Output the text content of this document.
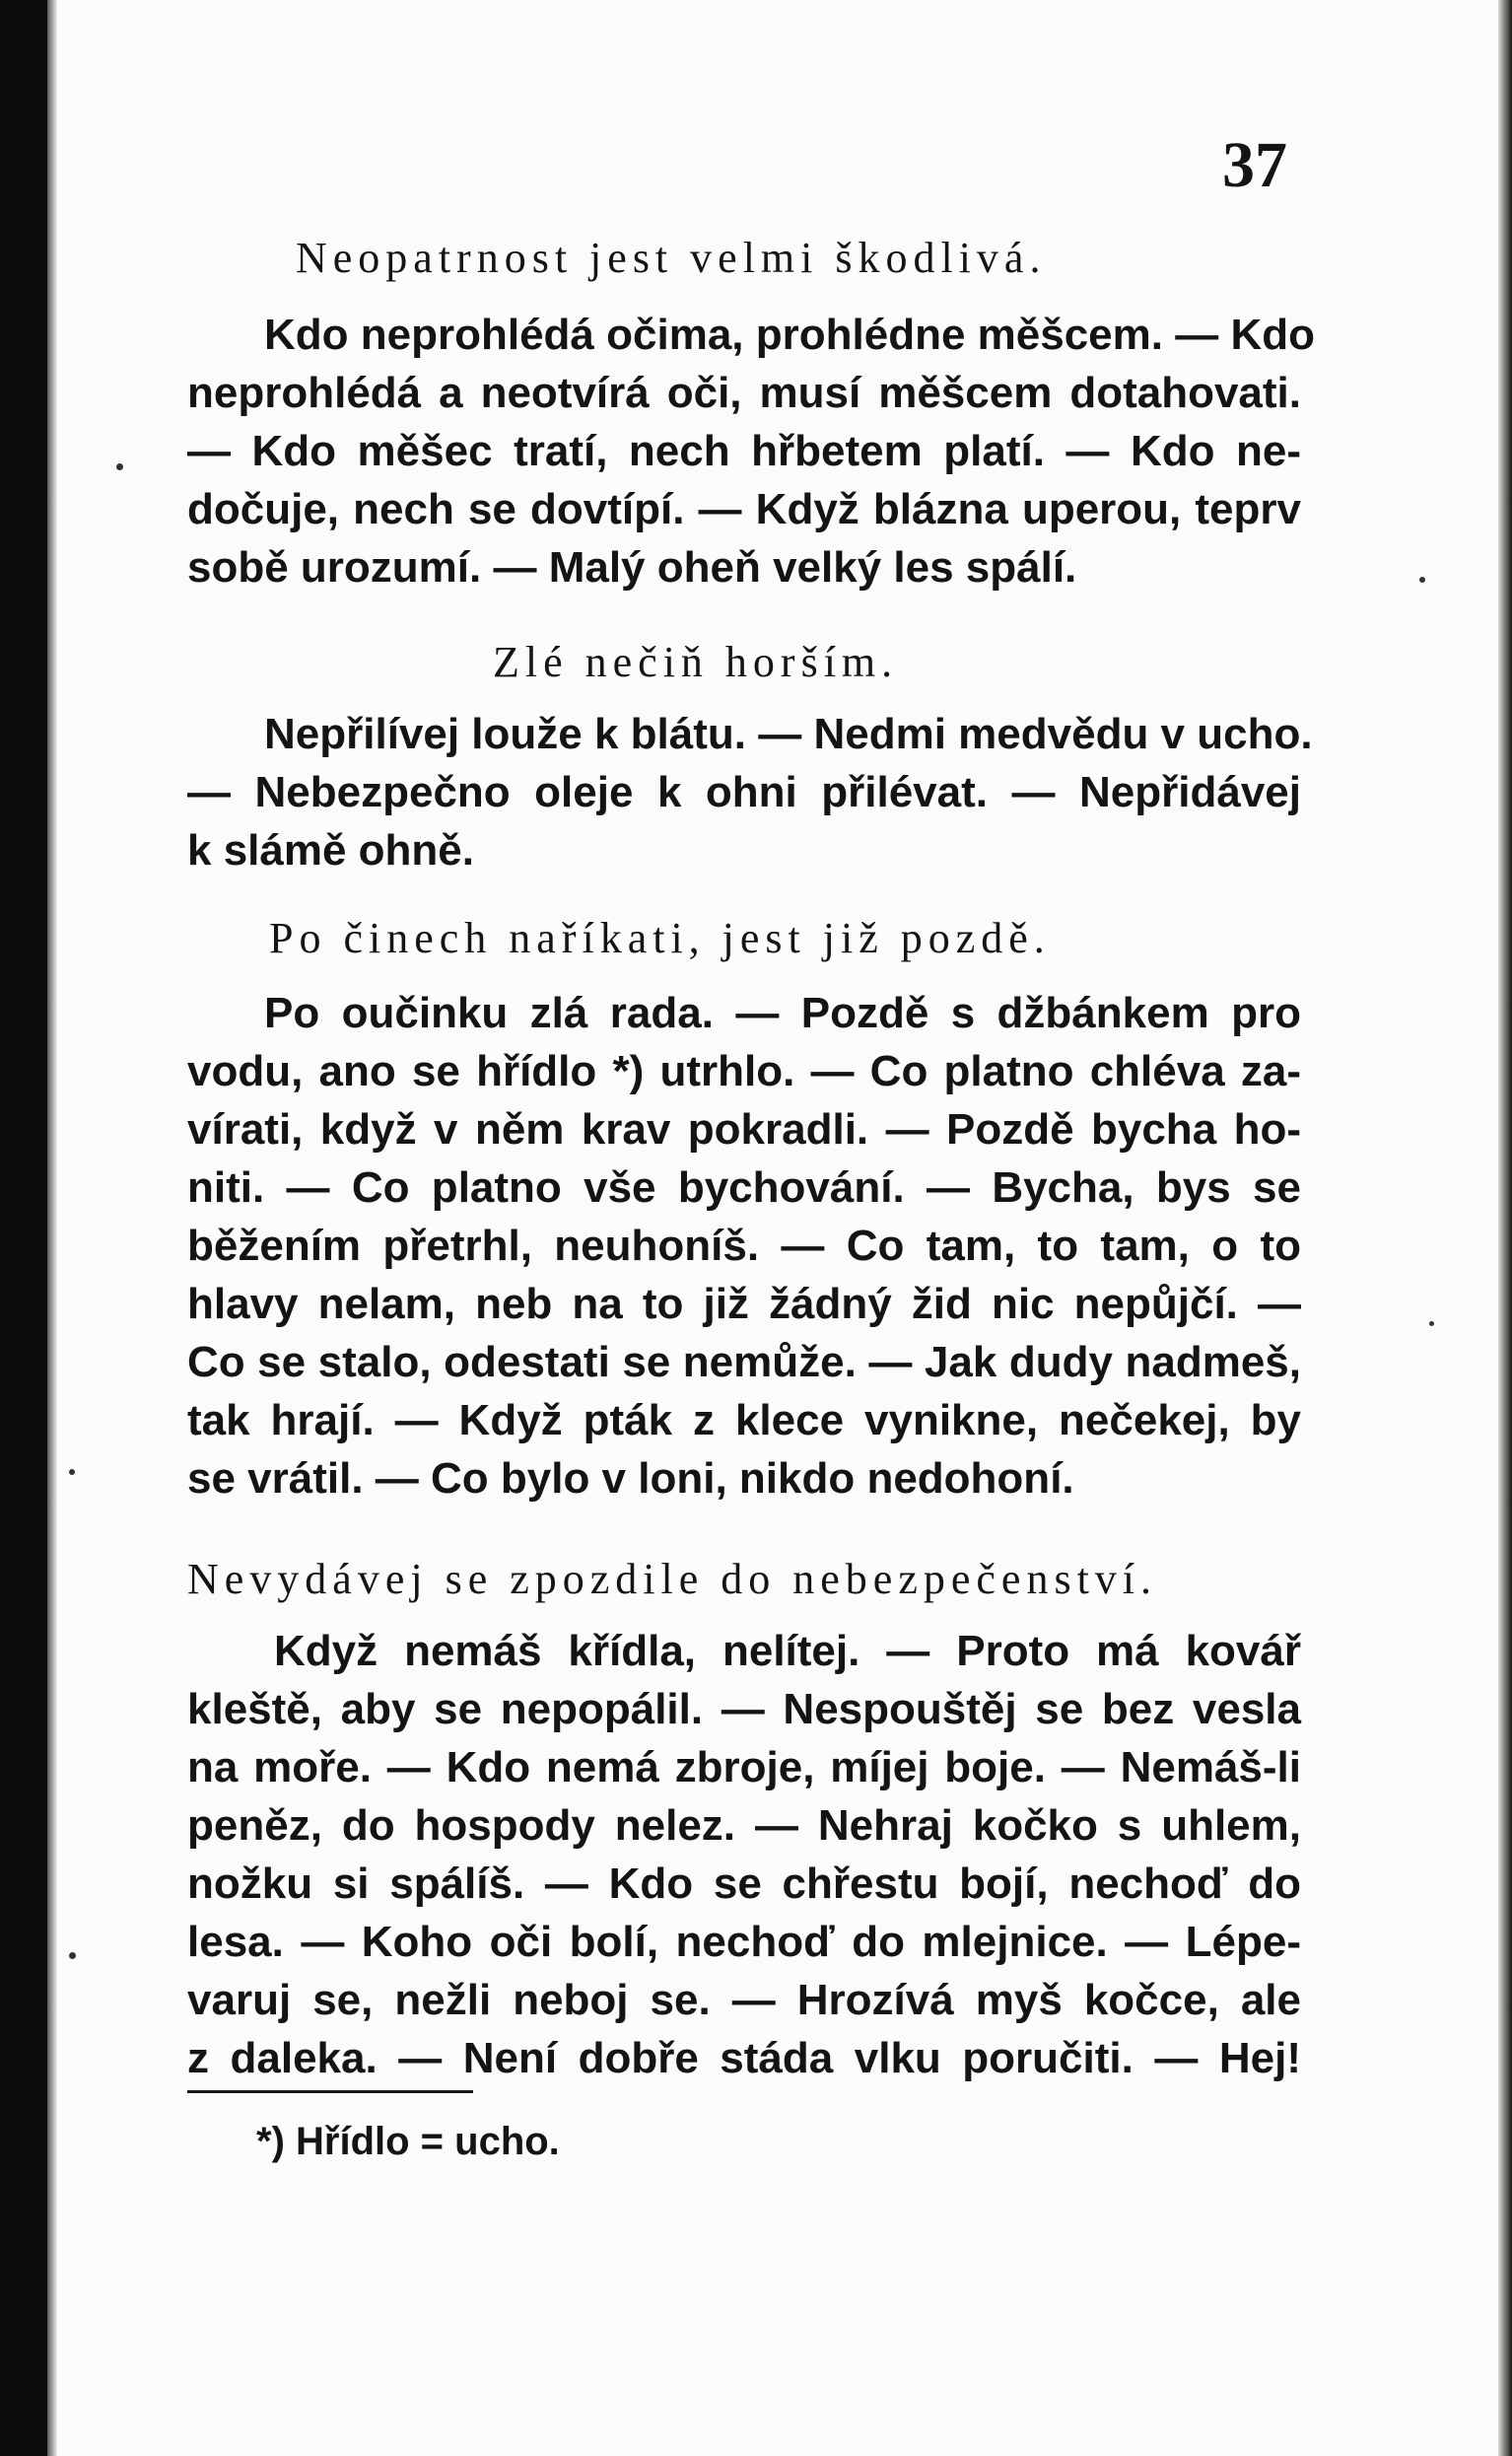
37
Neopatrnost jest velmi škodlivá.
Kdo neprohlédá očima, prohlédne měšcem. — Kdo
neprohlédá a neotvírá oči, musí měšcem dotahovati.
— Kdo měšec tratí, nech hřbetem platí. — Kdo ne-
dočuje, nech se dovtípí. — Když blázna uperou, teprv
sobě urozumí. — Malý oheň velký les spálí.
Zlé nečiň horším.
Nepřilívej louže k blátu. — Nedmi medvědu v ucho.
— Nebezpečno oleje k ohni přilévat. — Nepřidávej
k slámě ohně.
Po činech naříkati, jest již pozdě.
Po oučinku zlá rada. — Pozdě s džbánkem pro
vodu, ano se hřídlo *) utrhlo. — Co platno chléva za-
vírati, když v něm krav pokradli. — Pozdě bycha ho-
niti. — Co platno vše bychování. — Bycha, bys se
běžením přetrhl, neuhoníš. — Co tam, to tam, o to
hlavy nelam, neb na to již žádný žid nic nepůjčí. —
Co se stalo, odestati se nemůže. — Jak dudy nadmeš,
tak hrají. — Když pták z klece vynikne, nečekej, by
se vrátil. — Co bylo v loni, nikdo nedohoní.
Nevydávej se zpozdile do nebezpečenství.
Když nemáš křídla, nelítej. — Proto má kovář
kleště, aby se nepopálil. — Nespouštěj se bez vesla
na moře. — Kdo nemá zbroje, míjej boje. — Nemáš-li
peněz, do hospody nelez. — Nehraj kočko s uhlem,
nožku si spálíš. — Kdo se chřestu bojí, nechoď do
lesa. — Koho oči bolí, nechoď do mlejnice. — Lépe-
varuj se, nežli neboj se. — Hrozívá myš kočce, ale
z daleka. — Není dobře stáda vlku poručiti. — Hej!
*) Hřídlo = ucho.
